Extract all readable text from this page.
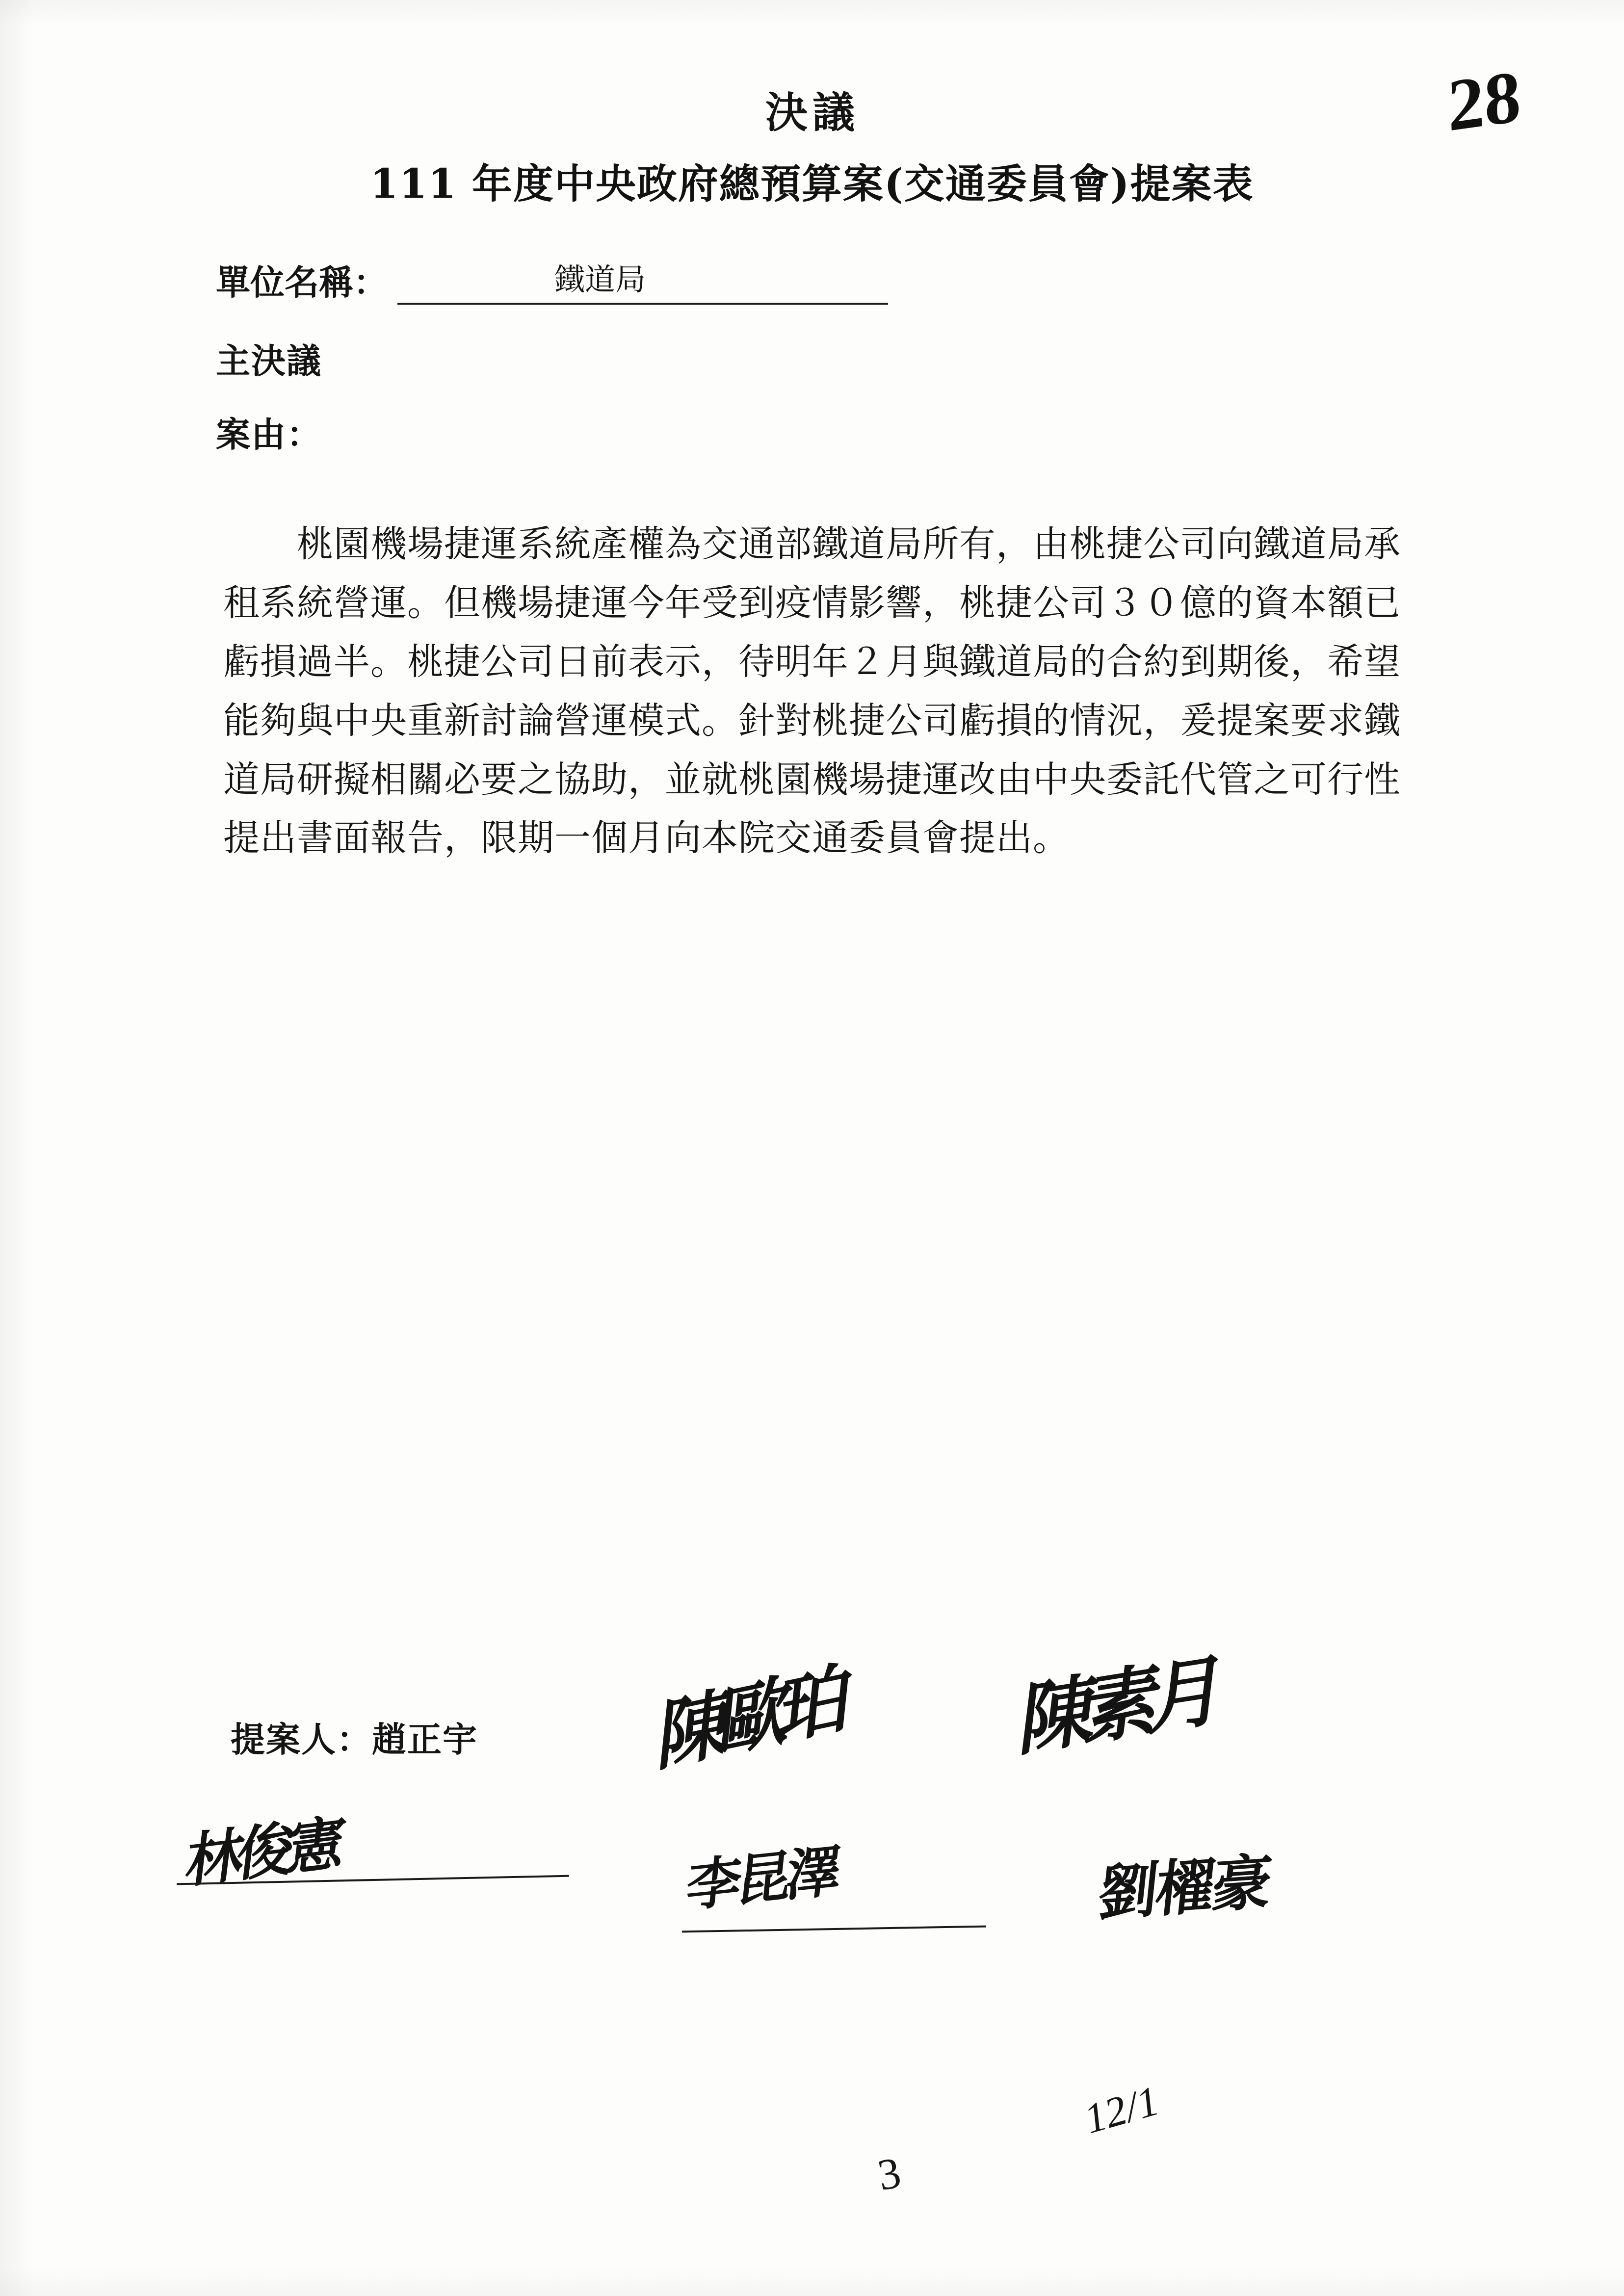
決議	28
111 年度中央政府總預算案(交通委員會)提案表
單位名稱：	鐵道局
主決議
案由：
桃園機場捷運系統產權為交通部鐵道局所有，由桃捷公司向鐵道局承租系統營運。但機場捷運今年受到疫情影響，桃捷公司３０億的資本額已虧損過半。桃捷公司日前表示，待明年２月與鐵道局的合約到期後，希望能夠與中央重新討論營運模式。針對桃捷公司虧損的情況，爰提案要求鐵道局研擬相關必要之協助，並就桃園機場捷運改由中央委託代管之可行性提出書面報告，限期一個月向本院交通委員會提出。
提案人：趙正宇
林俊憲
陳歐珀
李昆澤
陳素月
劉櫂豪
3
12/1
